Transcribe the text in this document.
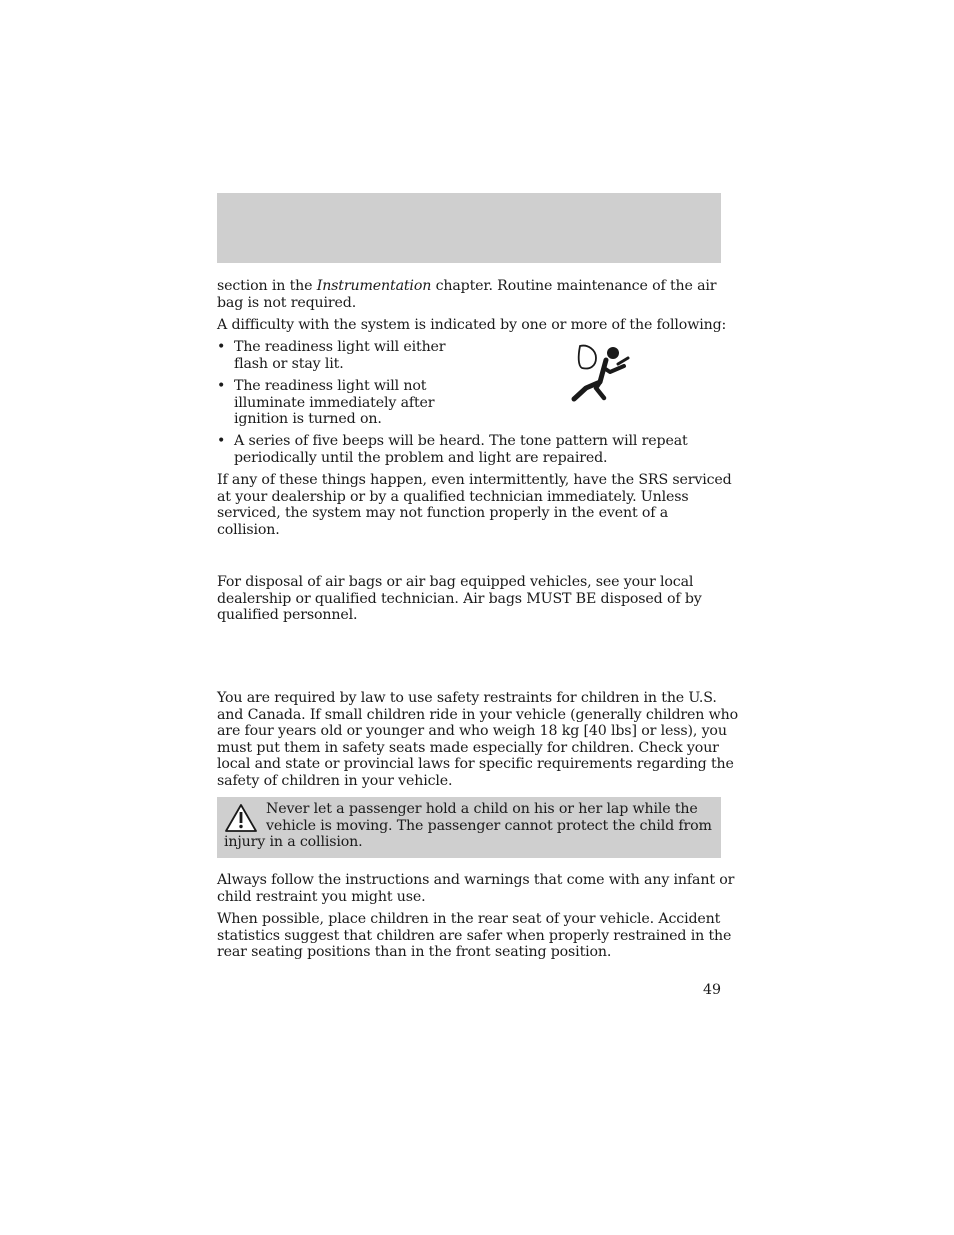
section in the Instrumentation chapter. Routine maintenance of the air
bag is not required.

A difficulty with the system is indicated by one or more of the following:

• The readiness light will either
flash or stay lit.
• The readiness light will not
illuminate immediately after
ignition is turned on.
• A series of five beeps will be heard. The tone pattern will repeat
periodically until the problem and light are repaired.

If any of these things happen, even intermittently, have the SRS serviced
at your dealership or by a qualified technician immediately. Unless
serviced, the system may not function properly in the event of a
collision.

For disposal of air bags or air bag equipped vehicles, see your local
dealership or qualified technician. Air bags MUST BE disposed of by
qualified personnel.

You are required by law to use safety restraints for children in the U.S.
and Canada. If small children ride in your vehicle (generally children who
are four years old or younger and who weigh 18 kg [40 lbs] or less), you
must put them in safety seats made especially for children. Check your
local and state or provincial laws for specific requirements regarding the
safety of children in your vehicle.

Never let a passenger hold a child on his or her lap while the
vehicle is moving. The passenger cannot protect the child from
injury in a collision.

Always follow the instructions and warnings that come with any infant or
child restraint you might use.

When possible, place children in the rear seat of your vehicle. Accident
statistics suggest that children are safer when properly restrained in the
rear seating positions than in the front seating position.

49
